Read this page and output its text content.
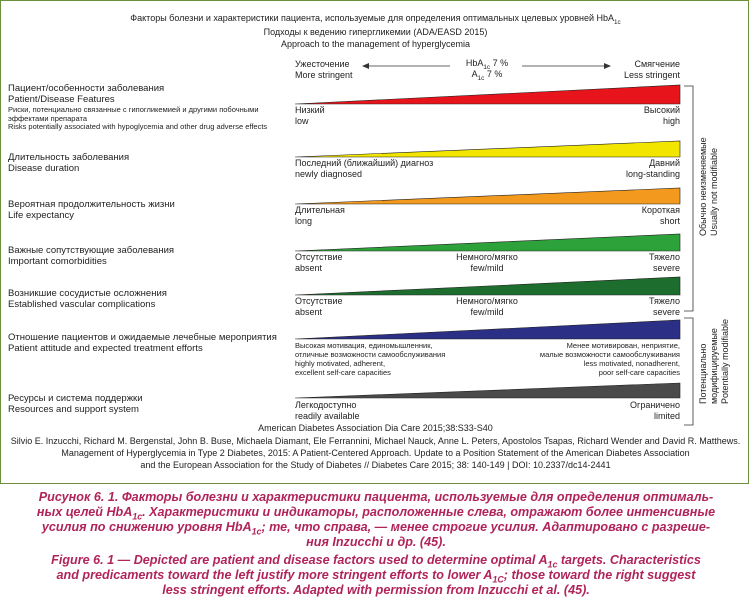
Факторы болезни и характеристики пациента, используемые для определения оптимальных целевых уровней HbA$_{1c}$
Подходы к ведению гипергликемии (ADA/EASD 2015)
Approach to the management of hyperglycemia
Ужесточение
More stringent
Смягчение
Less stringent
HbA$_{1c}$ 7 %
$A_{1c}$ 7 %
Пациент/особенности заболевания
Patient/Disease Features
Риски, потенциально связанные с гипогликемией и другими побочными
эффектами препарата
Risks potentially associated with hypoglycemia and other drug adverse effects
Длительность заболевания
Disease duration
Вероятная продолжительность жизни
Life expectancy
Важные сопутствующие заболевания
Important comorbidities
Возникшие сосудистые осложнения
Established vascular complications
Отношение пациентов и ожидаемые лечебные мероприятия
Patient attitude and expected treatment efforts
Ресурсы и система поддержки
Resources and support system
Низкий
low
Высокий
high
Последний (ближайший) диагноз
newly diagnosed
Давний
long-standing
Длительная
long
Короткая
short
Отсутствие
absent
Немного/мягко
few/mild
Тяжело
severe
Отсутствие
absent
Немного/мягко
few/mild
Тяжело
severe
Высокая мотивация, единомышленник,
отличные возможности самообслуживания
highly motivated, adherent,
excellent self-care capacities
Менее мотивирован, неприятие,
малые возможности самообслуживания
less motivated, nonadherent,
poor self-care capacities
Легкодоступно
readily available
Ограничено
limited
Обычно неизменяемые Usually not modifiable
Потенциально модифицируемые Potentially modifiable
American Diabetes Association Dia Care 2015;38:S33-S40
Silvio E. Inzucchi, Richard M. Bergenstal, John B. Buse, Michaela Diamant, Ele Ferrannini, Michael Nauck, Anne L. Peters, Apostolos Tsapas, Richard Wender and David R. Matthews.
Management of Hyperglycemia in Type 2 Diabetes, 2015: A Patient-Centered Approach. Update to a Position Statement of the American Diabetes Association
and the European Association for the Study of Diabetes // Diabetes Care 2015; 38: 140-149 | DOI: 10.2337/dc14-2441
Рисунок 6. 1. Факторы болезни и характеристики пациента, используемые для определения оптималь-
ных целей HbA$_{1c}$. Характеристики и индикаторы, расположенные слева, отражают более интенсивные
усилия по снижению уровня HbA$_{1c}$; те, что справа, — менее строгие усилия. Адаптировано с разреше-
ния Inzucchi и др. (45).
Figure 6. 1 — Depicted are patient and disease factors used to determine optimal $A_{1c}$ targets. Characteristics
and predicaments toward the left justify more stringent efforts to lower $A_{1C}$; those toward the right suggest
less stringent efforts. Adapted with permission from Inzucchi et al. (45).
